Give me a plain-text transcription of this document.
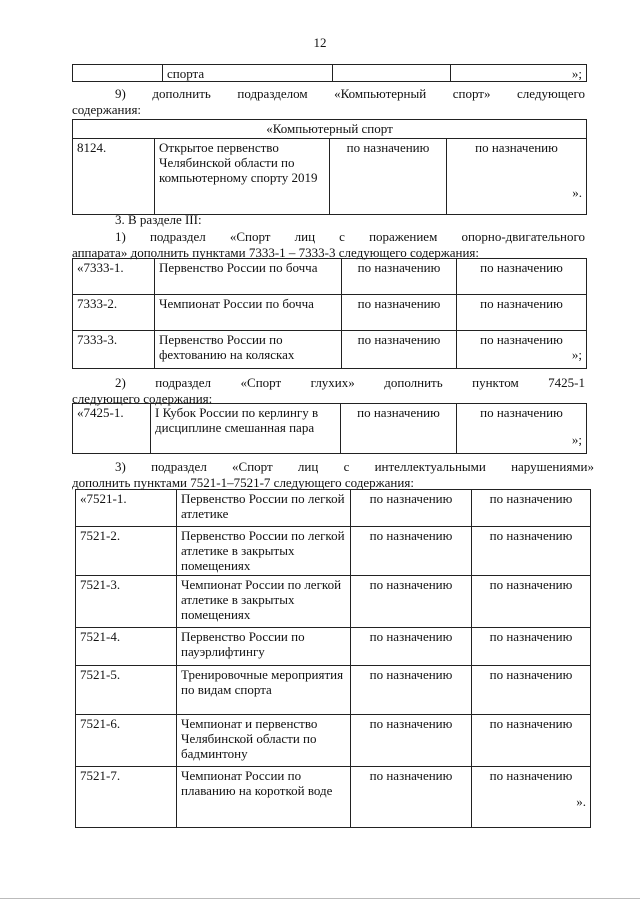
12
	спорта		»;
9) дополнить подразделом «Компьютерный спорт» следующего
содержания:
«Компьютерный спорт
8124.	Открытое первенство Челябинской области по компьютерному спорту 2019	по назначению	по назначению
».
3. В разделе III:
1) подраздел «Спорт лиц с поражением опорно-двигательного
аппарата» дополнить пунктами 7333-1 – 7333-3 следующего содержания:
«7333-1.	Первенство России по бочча	по назначению	по назначению
7333-2.	Чемпионат России по бочча	по назначению	по назначению
7333-3.	Первенство России по фехтованию на колясках	по назначению	по назначению
»;
2) подраздел «Спорт глухих» дополнить пунктом 7425-1
следующего содержания:
«7425-1.	I Кубок России по керлингу в дисциплине смешанная пара	по назначению	по назначению
»;
3) подраздел «Спорт лиц с интеллектуальными нарушениями»
дополнить пунктами 7521-1–7521-7 следующего содержания:
«7521-1.	Первенство России по легкой атлетике	по назначению	по назначению
7521-2.	Первенство России по легкой атлетике в закрытых помещениях	по назначению	по назначению
7521-3.	Чемпионат России по легкой атлетике в закрытых помещениях	по назначению	по назначению
7521-4.	Первенство России по пауэрлифтингу	по назначению	по назначению
7521-5.	Тренировочные мероприятия по видам спорта	по назначению	по назначению
7521-6.	Чемпионат и первенство Челябинской области по бадминтону	по назначению	по назначению
7521-7.	Чемпионат России по плаванию на короткой воде	по назначению	по назначению
».
